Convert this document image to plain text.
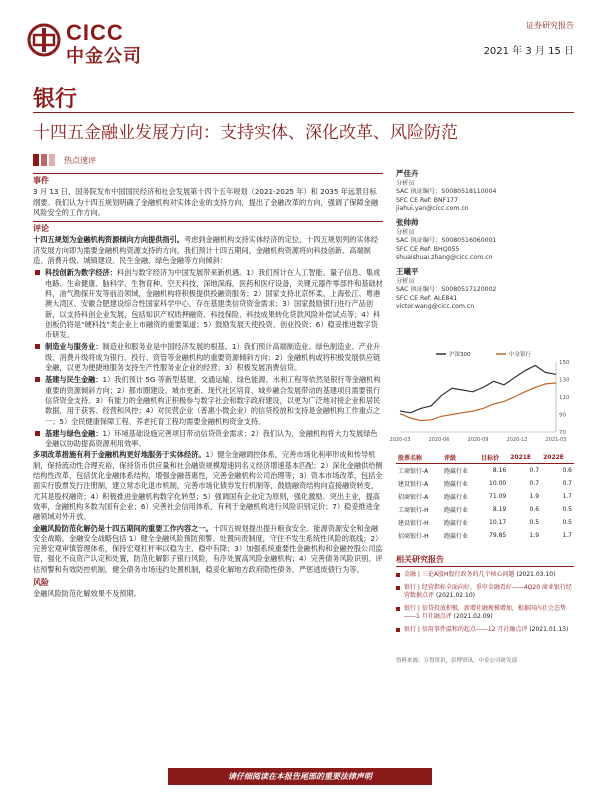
CICC
中金公司
证券研究报告
2021 年 3 月 15 日
银行
十四五金融业发展方向：支持实体、深化改革、风险防范
热点速评
事件
3 月 13 日，国务院发布中国国民经济和社会发展第十四个五年规划（2021-2025 年）和 2035 年远景目标纲要。我们认为十四五规划明确了金融机构对实体企业的支持方向，提出了金融改革的方向，强调了保障金融风险安全的工作方向。
评论
十四五规划为金融机构资源倾向方向提供指引。考虑到金融机构支持实体经济的定位，十四五规划列的实体经济发展方向即为需要金融机构资源支持的方向，我们预计十四五期间，金融机构资源将向科技创新、高端制造、消费升级、城镇建设、民生金融、绿色金融等方向倾斜：
科技创新为数字经济：科创与数字经济为中国发展带来新机遇。1）我们预计在人工智能、量子信息、集成电路、生命健康、脑科学、生物育种、空天科技、深地深海，医药和医疗设备，关键元器件零部件和基础材料，油气勘探开发等前沿领域，金融机构将积极提供投融资服务；2）国家支持北京怀柔、上海张江、粤港澳大湾区、安徽合肥建设综合性国家科学中心，存在基建类信贷资金需求；3）国家鼓励银行进行产品创新，以支持科创企业发展，包括知识产权质押融资、科技保险、科技成果转化贷款风险补偿试点等；4）科创板仍将是“硬科技”类企业上市融资的重要渠道；5）鼓励发展天使投资、创业投资；6）稳妥推进数字货币研发。
制造业与服务业：制造业和服务业是中国经济发展的根基。1）我们预计高端制造业、绿色制造业、产业升级、消费升级将成为银行、投行、资管等金融机构的重要资源倾斜方向；2）金融机构或将积极发展供应链金融，以更为便捷地服务支持生产性服务业企业的经营；3）积极发展消费信贷。
基建与民生金融：1）我们预计 5G 等新型基建、交通运输、绿色能源、水利工程等依然是银行等金融机构重要的资源倾斜方向；2）都市圈建设、城市更新、现代社区培育、城乡融合发展带动的基建项目需要银行信贷资金支持。3）有能力的金融机构正积极参与数字社会和数字政府建设，以更为广泛地对接企业和居民数据，用于获客、经营和风控；4）对民营企业（普惠小微企业）的信贷投放和支持是金融机构工作重点之一；5）全民健康保障工程、养老托育工程均需要金融机构资金支持。
基建与绿色金融：1）环境基础设施完善项目带动信贷资金需求；2）我们认为，金融机构将大力发展绿色金融以协助提高资源利用效率。
多项改革措施有利于金融机构更好地服务于实体经济。1）健全金融调控体系，完善市场化利率形成和传导机制，保持流动性合理充裕，保持货币供应量和社会融资规模增速同名义经济增速基本匹配；2）深化金融供给侧结构性改革，包括优化金融体系结构，增强金融普惠性，完善金融机构公司治理等；3）资本市场改革，包括全面实行股票发行注册制，建立常态化退市机制，完善市场化债券发行机制等，鼓励融资结构向直接融资转变，尤其是股权融资；4）积极推进金融机构数字化转型；5）强调国有企业定为原则，强化激励、突出主业，提高效率，金融机构多数为国有企业；6）完善社会信用体系，有利于金融机构进行风险识别定价；7）稳妥推进金融领域对外开放。
金融风险防范化解仍是十四五期间的重要工作内容之一。十四五规划提出提升粮食安全、能源资源安全和金融安全战略。金融安全战略包括 1）健全金融风险预防预警、处置问责制度，守住不发生系统性风险的底线；2）完善宏观审慎管理体系，保持宏观杠杆率以稳为主、稳中有降；3）加强系统重要性金融机构和金融控股公司监管，强化不良资产认定和处置，防范化解影子银行风险，有序处置高风险金融机构；4）完善债务风险识别、评估预警和有效防控机制，健全债务市场违约处置机制，稳妥化解地方政府隐性债务，严惩逃废债行为等。
风险
金融风险防范化解效果不及预期。
严佳卉
分析员
SAC 执证编号：S0080518110004
SFC CE Ref: BNF177
jiahui.yan@cicc.com.cn
张帅帅
分析员
SAC 执证编号：S0080516060001
SFC CE Ref: BHQ055
shuaishuai.zhang@cicc.com.cn
王曦平
分析员
SAC 执证编号：S0080517120002
SFC CE Ref: ALE841
victor.wang@cicc.com.cn
150
130
110
90
70
2020-03	2020-06	2020-09	2020-12	2021-03
沪深300	中金银行
股票名称	评级	目标价	2021E	2022E
工商银行-A	跑赢行业	8.16	0.7	0.6
建设银行-A	跑赢行业	10.00	0.7	0.7
招商银行-A	跑赢行业	71.09	1.9	1.7
工商银行-H	跑赢行业	8.19	0.6	0.5
建设银行-H	跑赢行业	10.17	0.5	0.5
招商银行-H	跑赢行业	79.85	1.9	1.7
相关研究报告
金融 | 三论A股H股行政务的几个核心问题 (2021.03.10)
银行 | 经营指标全面向好，重申金融看好——4Q20 商业银行经营数据点评 (2021.02.10)
银行 | 信贷投放积极，新增社融规模增加，根据国内社会态势——1 月社融点评 (2021.02.09)
银行 | 信用事件温和的起点——12 月社融点评 (2021.01.13)
资料来源：万得资讯，彭博资讯，中金公司研究部
请仔细阅读在本报告尾部的重要法律声明
